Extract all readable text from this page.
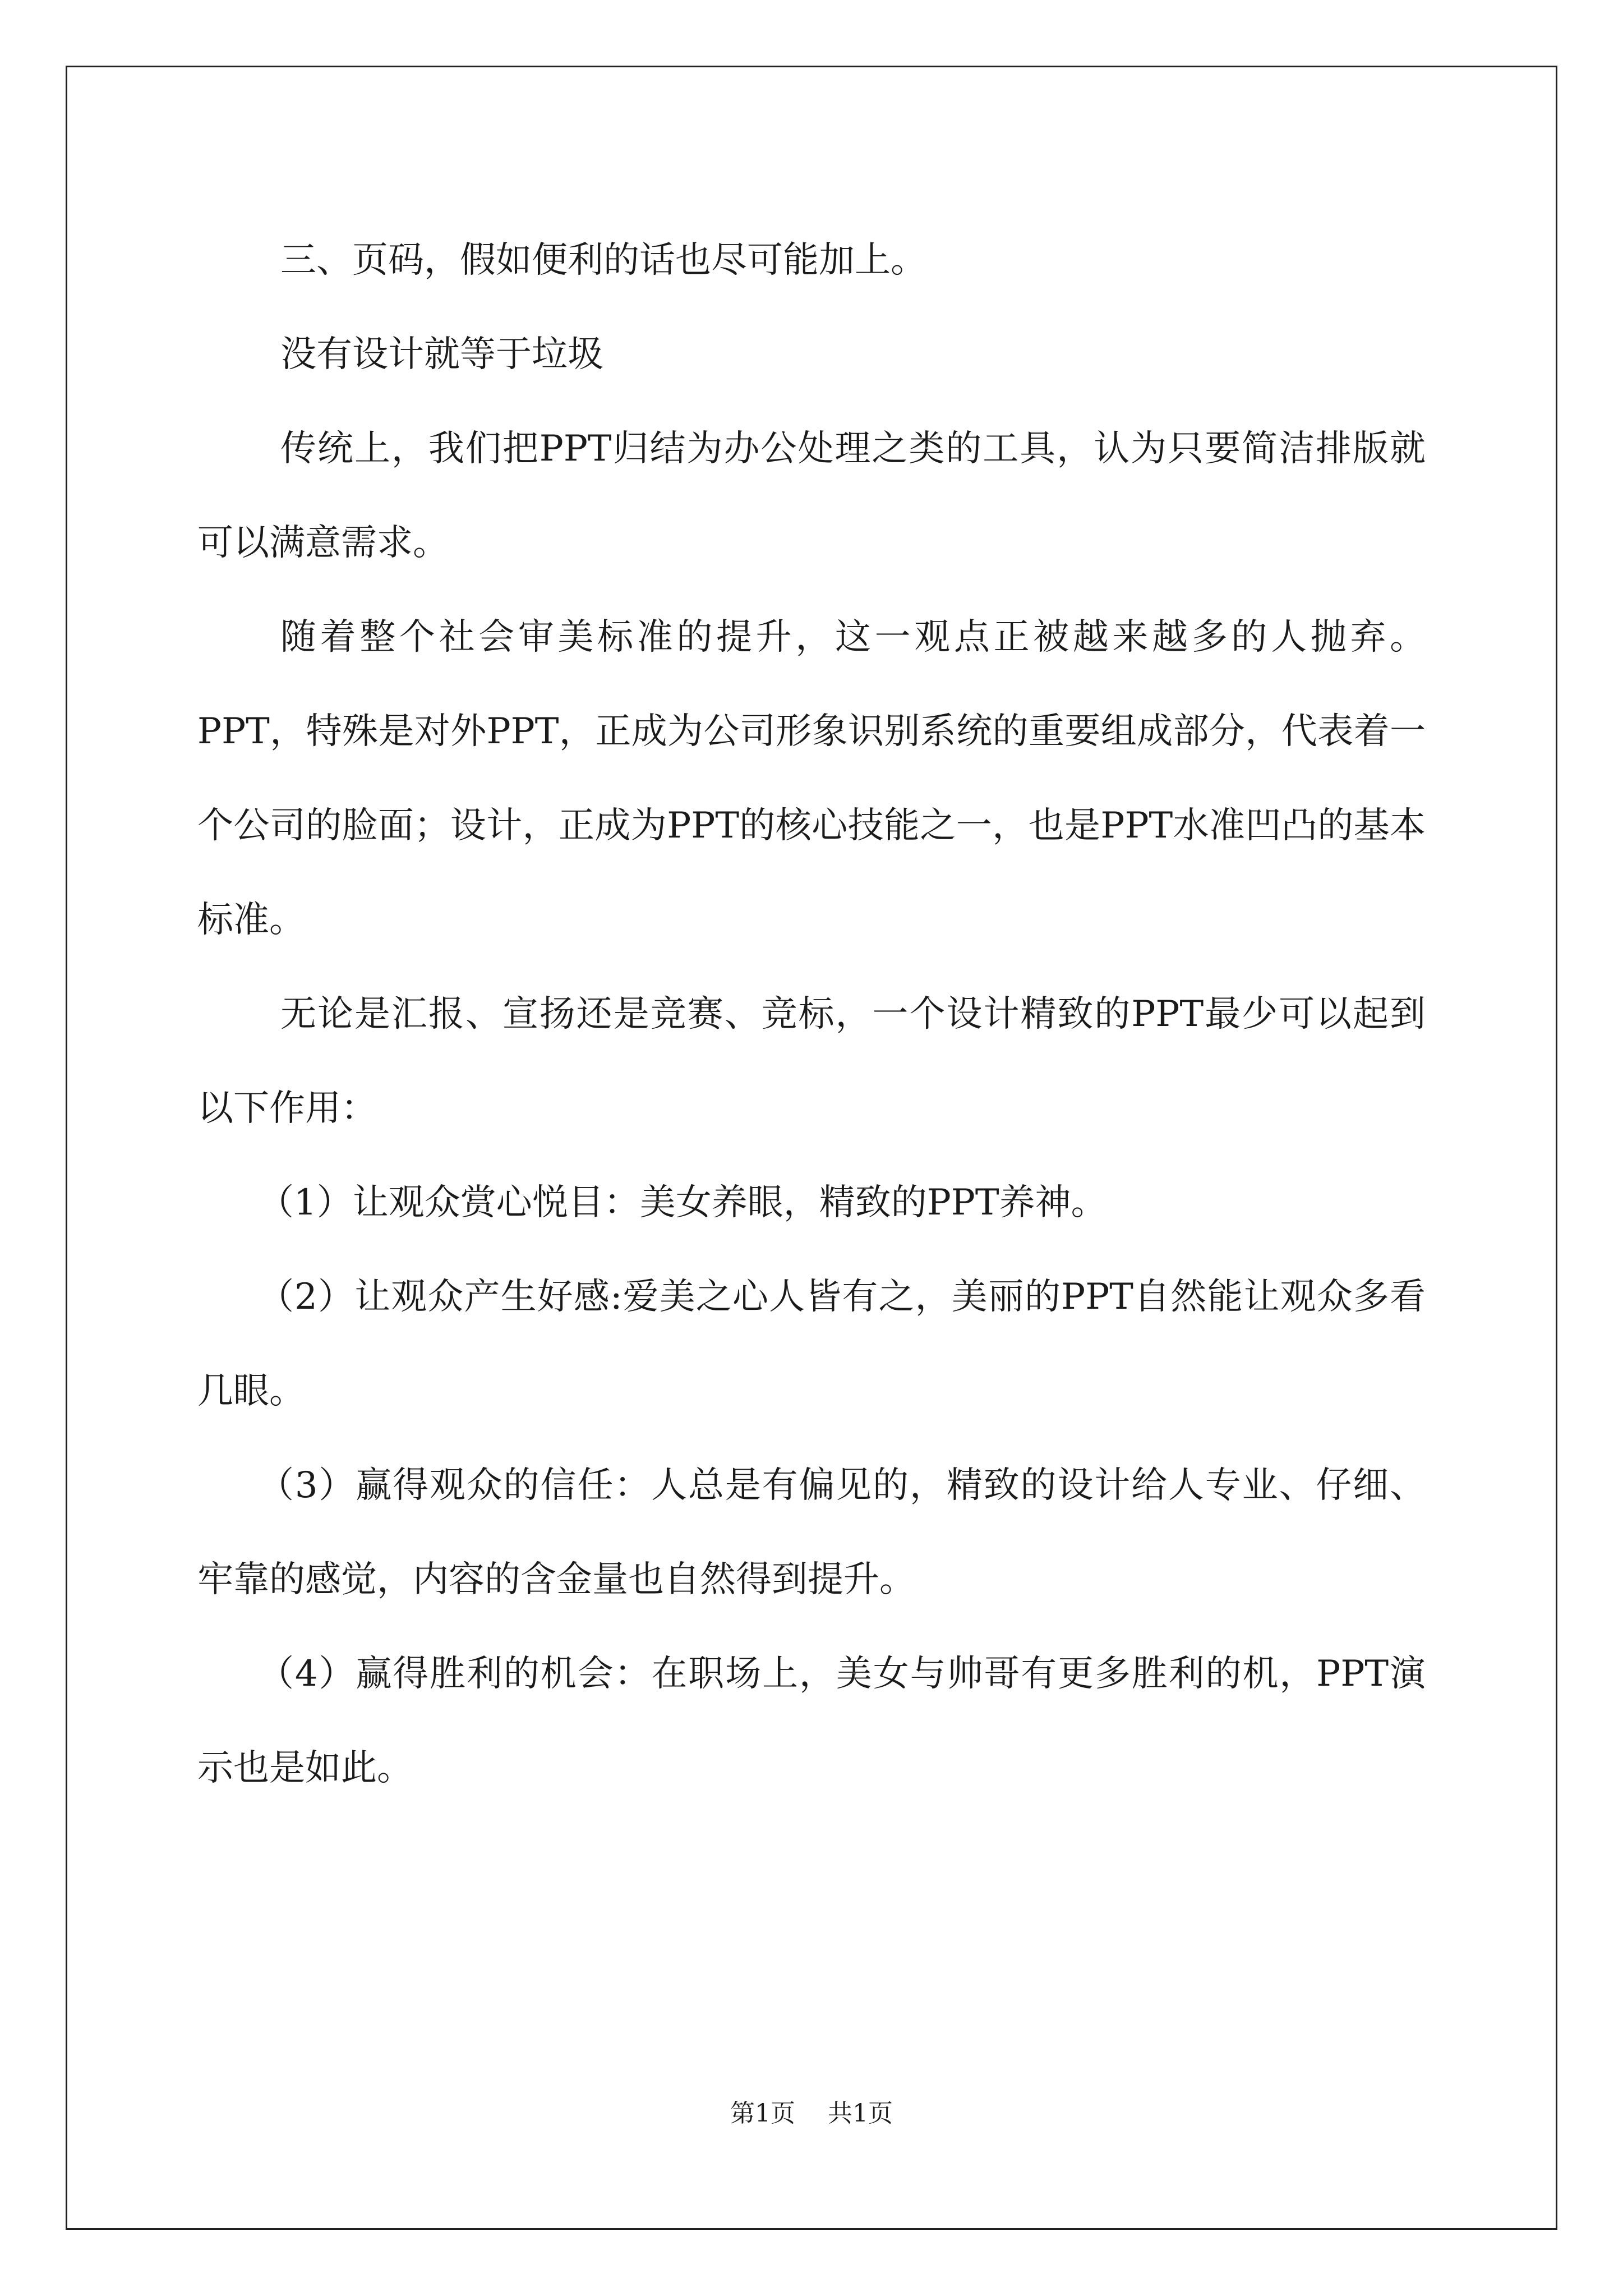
三、页码，假如便利的话也尽可能加上。

没有设计就等于垃圾

传统上，我们把PPT归结为办公处理之类的工具，认为只要简洁排版就可以满意需求。

随着整个社会审美标准的提升，这一观点正被越来越多的人抛弃。PPT，特殊是对外PPT，正成为公司形象识别系统的重要组成部分，代表着一个公司的脸面；设计，正成为PPT的核心技能之一，也是PPT水准凹凸的基本标准。

无论是汇报、宣扬还是竞赛、竞标，一个设计精致的PPT最少可以起到以下作用：

（1）让观众赏心悦目：美女养眼，精致的PPT养神。

（2）让观众产生好感:爱美之心人皆有之，美丽的PPT自然能让观众多看几眼。

（3）赢得观众的信任：人总是有偏见的，精致的设计给人专业、仔细、牢靠的感觉，内容的含金量也自然得到提升。

（4）赢得胜利的机会：在职场上，美女与帅哥有更多胜利的机，PPT演示也是如此。

第1页 共1页
